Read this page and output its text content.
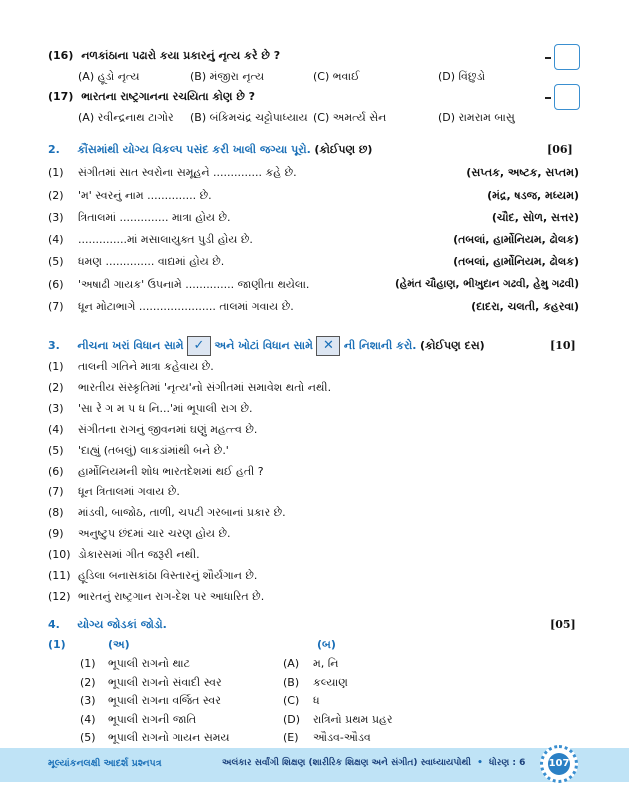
(16) નળકાંઠાના પઢારો કયા પ્રકારનું નૃત્ય કરે છે ?
(A) હૂડો નૃત્ય	(B) મંજીરા નૃત્ય	(C) ભવાઈ	(D) વિંછુડો
(17) ભારતના રાષ્ટ્રગાનના રચયિતા કોણ છે ?
(A) રવીન્દ્રનાથ ટાગોર (B) બંકિમચંદ્ર ચટ્ટોપાધ્યાય (C) અમર્ત્ય સેન	(D) રામરામ બાસુ
2. કૌંસમાંથી યોગ્ય વિકલ્પ પસંદ કરી ખાલી જગ્યા પૂરો. (કોઈપણ છ)	[06]
(1) સંગીતમાં સાત સ્વરોના સમૂહને .............. કહે છે.	(સપ્તક, અષ્ટક, સપ્તમ)
(2) 'મ' સ્વરનું નામ .............. છે.	(મંદ્ર, ષડજ, મધ્યમ)
(3) ત્રિતાલમાં .............. માત્રા હોય છે.	(ચૌદ, સોળ, સત્તર)
(4) ..............માં મસાલાયુક્ત પુડી હોય છે.	(તબલાં, હાર્મોનિયમ, ઢોલક)
(5) ધમણ .............. વાદ્યમાં હોય છે.	(તબલાં, હાર્મોનિયમ, ઢોલક)
(6) 'અષાઢી ગાયક' ઉપનામે .............. જાણીતા થયેલા.	(હેમંત ચૌહાણ, ભીખુદાન ગઢવી, હેમુ ગઢવી)
(7) ધૂન મોટાભાગે ...................... તાલમાં ગવાય છે.	(દાદરા, ચલતી, કહરવા)
3. નીચના ખરાં વિધાન સામે ✓ અને ખોટાં વિધાન સામે ✕ ની નિશાની કરો. (કોઈપણ દસ)	[10]
(1) તાલની ગતિને માત્રા કહેવાય છે.
(2) ભારતીય સંસ્કૃતિમાં 'નૃત્ય'નો સંગીતમાં સમાવેશ થતો નથી.
(3) 'સા રે ગ મ પ ધ નિ...'માં ભૂપાલી રાગ છે.
(4) સંગીતના રાગનું જીવનમાં ઘણું મહત્ત્વ છે.
(5) 'દાહ્યું (તબલું) લાકડાંમાંથી બને છે.'
(6) હાર્મોનિયમની શોધ ભારતદેશમાં થઈ હતી ?
(7) ધૂન ત્રિતાલમાં ગવાય છે.
(8) માંડવી, બાજોઠ, તાળી, ચપટી ગરબાનાં પ્રકાર છે.
(9) અનુષ્ટુપ છંદમાં ચાર ચરણ હોય છે.
(10) ડોકારસમાં ગીત જરૂરી નથી.
(11) હૂડિલા બનાસકાંઠા વિસ્તારનું શૌર્યગાન છે.
(12) ભારતનું રાષ્ટ્રગાન રાગ-દેશ પર આધારિત છે.
4. યોગ્ય જોડકાં જોડો.	[05]
(1)	(અ)	(બ)
(1) ભૂપાલી રાગનો થાટ	(A) મ, નિ
(2) ભૂપાલી રાગનો સંવાદી સ્વર	(B) કલ્યાણ
(3) ભૂપાલી રાગના વર્જિત સ્વર	(C) ધ
(4) ભૂપાલી રાગની જાતિ	(D) રાત્રિનો પ્રથમ પ્રહર
(5) ભૂપાલી રાગનો ગાયન સમય	(E) ઔડવ-ઔડવ
મૂલ્યાંકનલક્ષી આદર્શ પ્રશ્નપત્ર	અલંકાર સર્વાંગી શિક્ષણ (શારીરિક શિક્ષણ અને સંગીત) સ્વાધ્યાયપોથી • ધોરણ : 6 107
